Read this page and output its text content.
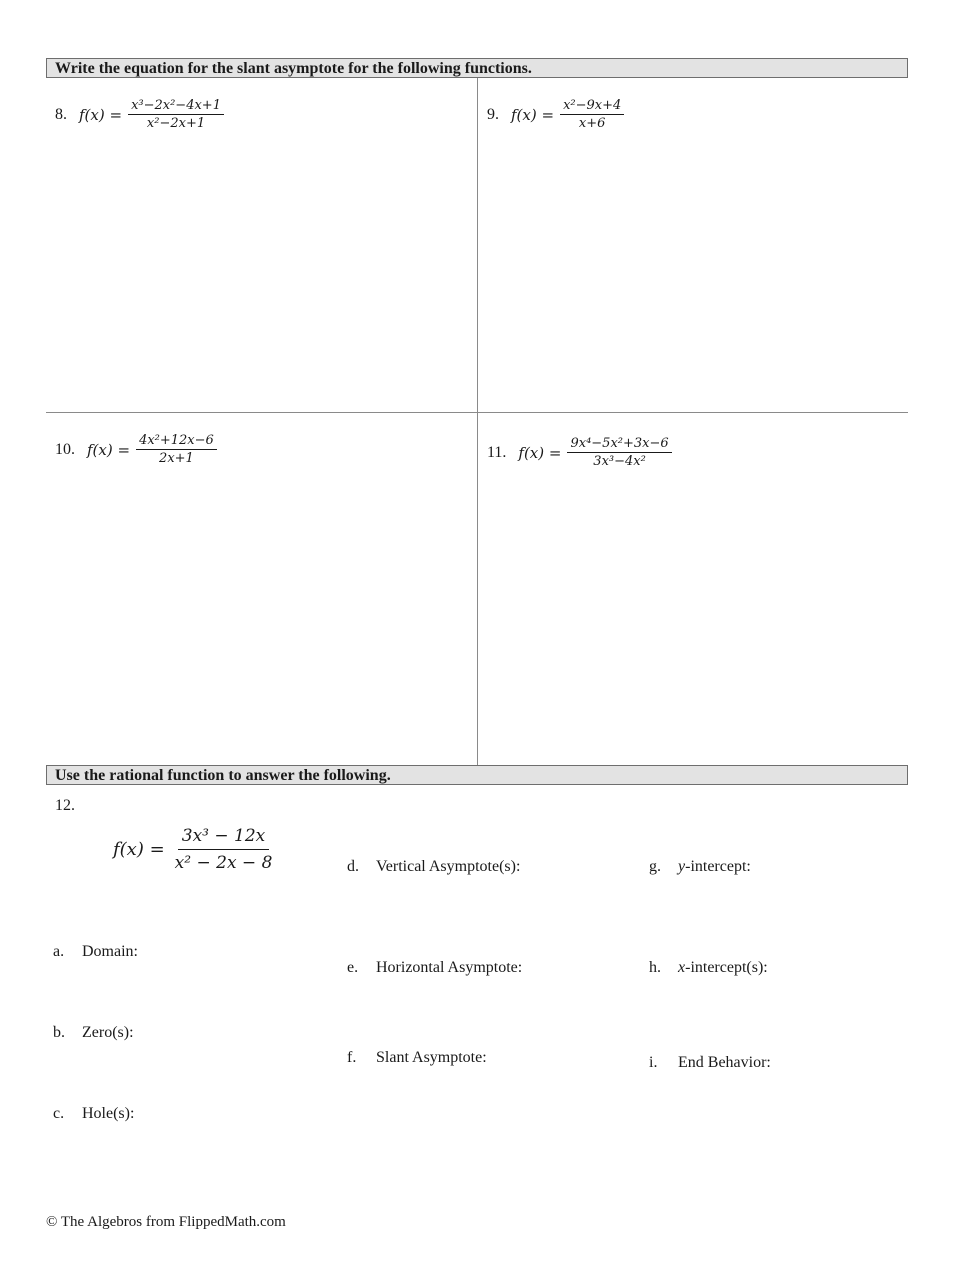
Write the equation for the slant asymptote for the following functions.
8. $f(x) = \frac{\text{x³−2x²−4x+1}}{\text{x²−2x+1}}$	9. $f(x) = \frac{\text{x²−9x+4}}{x+6}$
10. $f(x) = \frac{\text{4x²+12x−6}}{2x+1}$	11. $f(x) = \frac{\text{9x⁴−5x²+3x−6}}{\text{3x³−4x²}}$
Use the rational function to answer the following.
12.
$f(x) = \frac{\text{3x³ − 12x}}{\text{x² − 2x − 8}}$
a. Domain:
b. Zero(s):
c. Hole(s):
d. Vertical Asymptote(s):
e. Horizontal Asymptote:
f. Slant Asymptote:
g. y-intercept:
h. x-intercept(s):
i. End Behavior:
© The Algebros from FlippedMath.com
